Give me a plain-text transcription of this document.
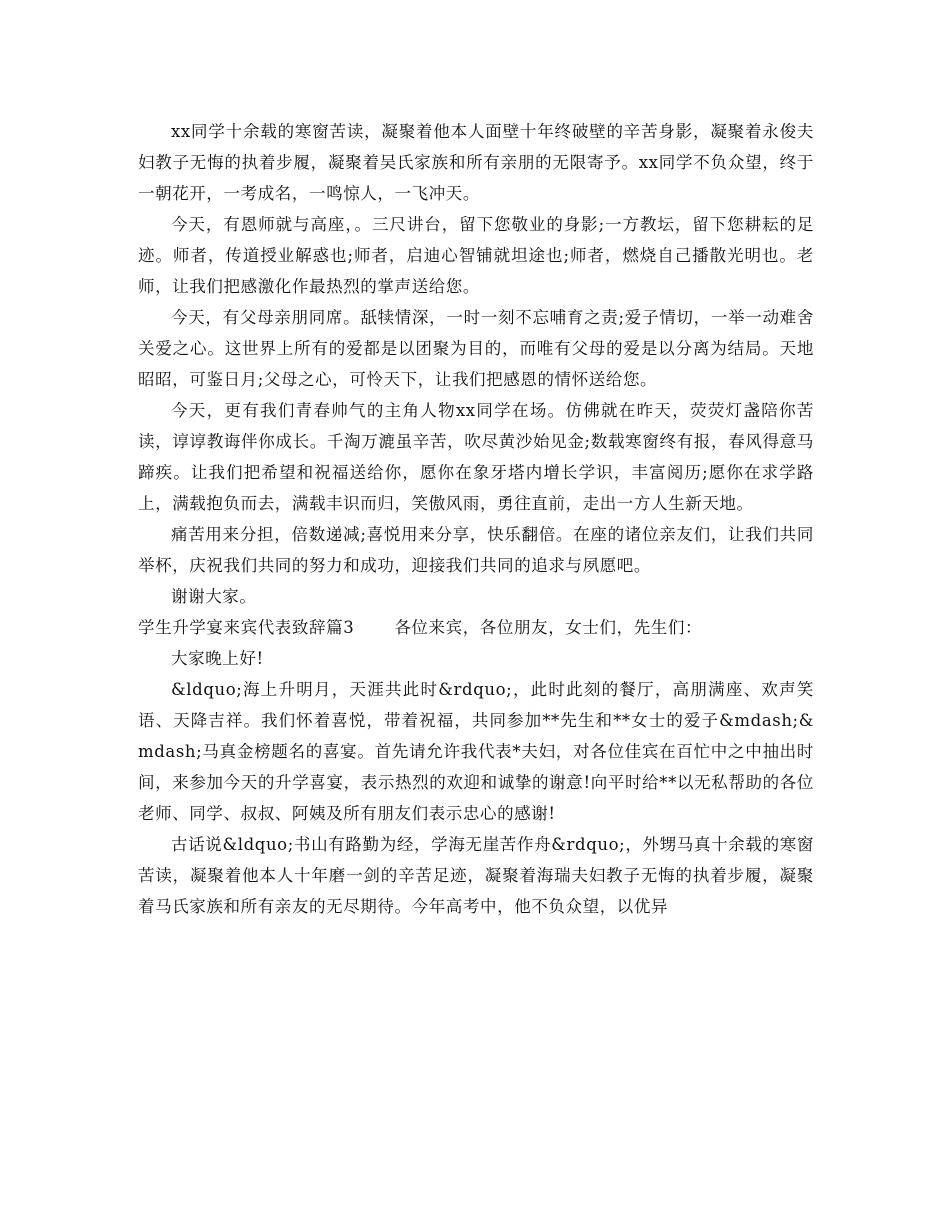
xx同学十余载的寒窗苦读，凝聚着他本人面壁十年终破壁的辛苦身影，凝聚着永俊夫妇教子无悔的执着步履，凝聚着吴氏家族和所有亲朋的无限寄予。xx同学不负众望，终于一朝花开，一考成名，一鸣惊人，一飞冲天。

今天，有恩师就与高座，。三尺讲台，留下您敬业的身影;一方教坛，留下您耕耘的足迹。师者，传道授业解惑也;师者，启迪心智铺就坦途也;师者，燃烧自己播散光明也。老师，让我们把感激化作最热烈的掌声送给您。

今天，有父母亲朋同席。舐犊情深，一时一刻不忘哺育之责;爱子情切，一举一动难舍关爱之心。这世界上所有的爱都是以团聚为目的，而唯有父母的爱是以分离为结局。天地昭昭，可鉴日月;父母之心，可怜天下，让我们把感恩的情怀送给您。

今天，更有我们青春帅气的主角人物xx同学在场。仿佛就在昨天，荧荧灯盏陪你苦读，谆谆教诲伴你成长。千淘万漉虽辛苦，吹尽黄沙始见金;数载寒窗终有报，春风得意马蹄疾。让我们把希望和祝福送给你，愿你在象牙塔内增长学识，丰富阅历;愿你在求学路上，满载抱负而去，满载丰识而归，笑傲风雨，勇往直前，走出一方人生新天地。

痛苦用来分担，倍数递减;喜悦用来分享，快乐翻倍。在座的诸位亲友们，让我们共同举杯，庆祝我们共同的努力和成功，迎接我们共同的追求与夙愿吧。

谢谢大家。

学生升学宴来宾代表致辞篇3 各位来宾，各位朋友，女士们，先生们：

大家晚上好!

&ldquo;海上升明月，天涯共此时&rdquo;，此时此刻的餐厅，高朋满座、欢声笑语、天降吉祥。我们怀着喜悦，带着祝福，共同参加**先生和**女士的爱子&mdash;&mdash;马真金榜题名的喜宴。首先请允许我代表*夫妇，对各位佳宾在百忙中之中抽出时间，来参加今天的升学喜宴，表示热烈的欢迎和诚挚的谢意!向平时给**以无私帮助的各位老师、同学、叔叔、阿姨及所有朋友们表示忠心的感谢!

古话说&ldquo;书山有路勤为经，学海无崖苦作舟&rdquo;，外甥马真十余载的寒窗苦读，凝聚着他本人十年磨一剑的辛苦足迹，凝聚着海瑞夫妇教子无悔的执着步履，凝聚着马氏家族和所有亲友的无尽期待。今年高考中，他不负众望，以优异
